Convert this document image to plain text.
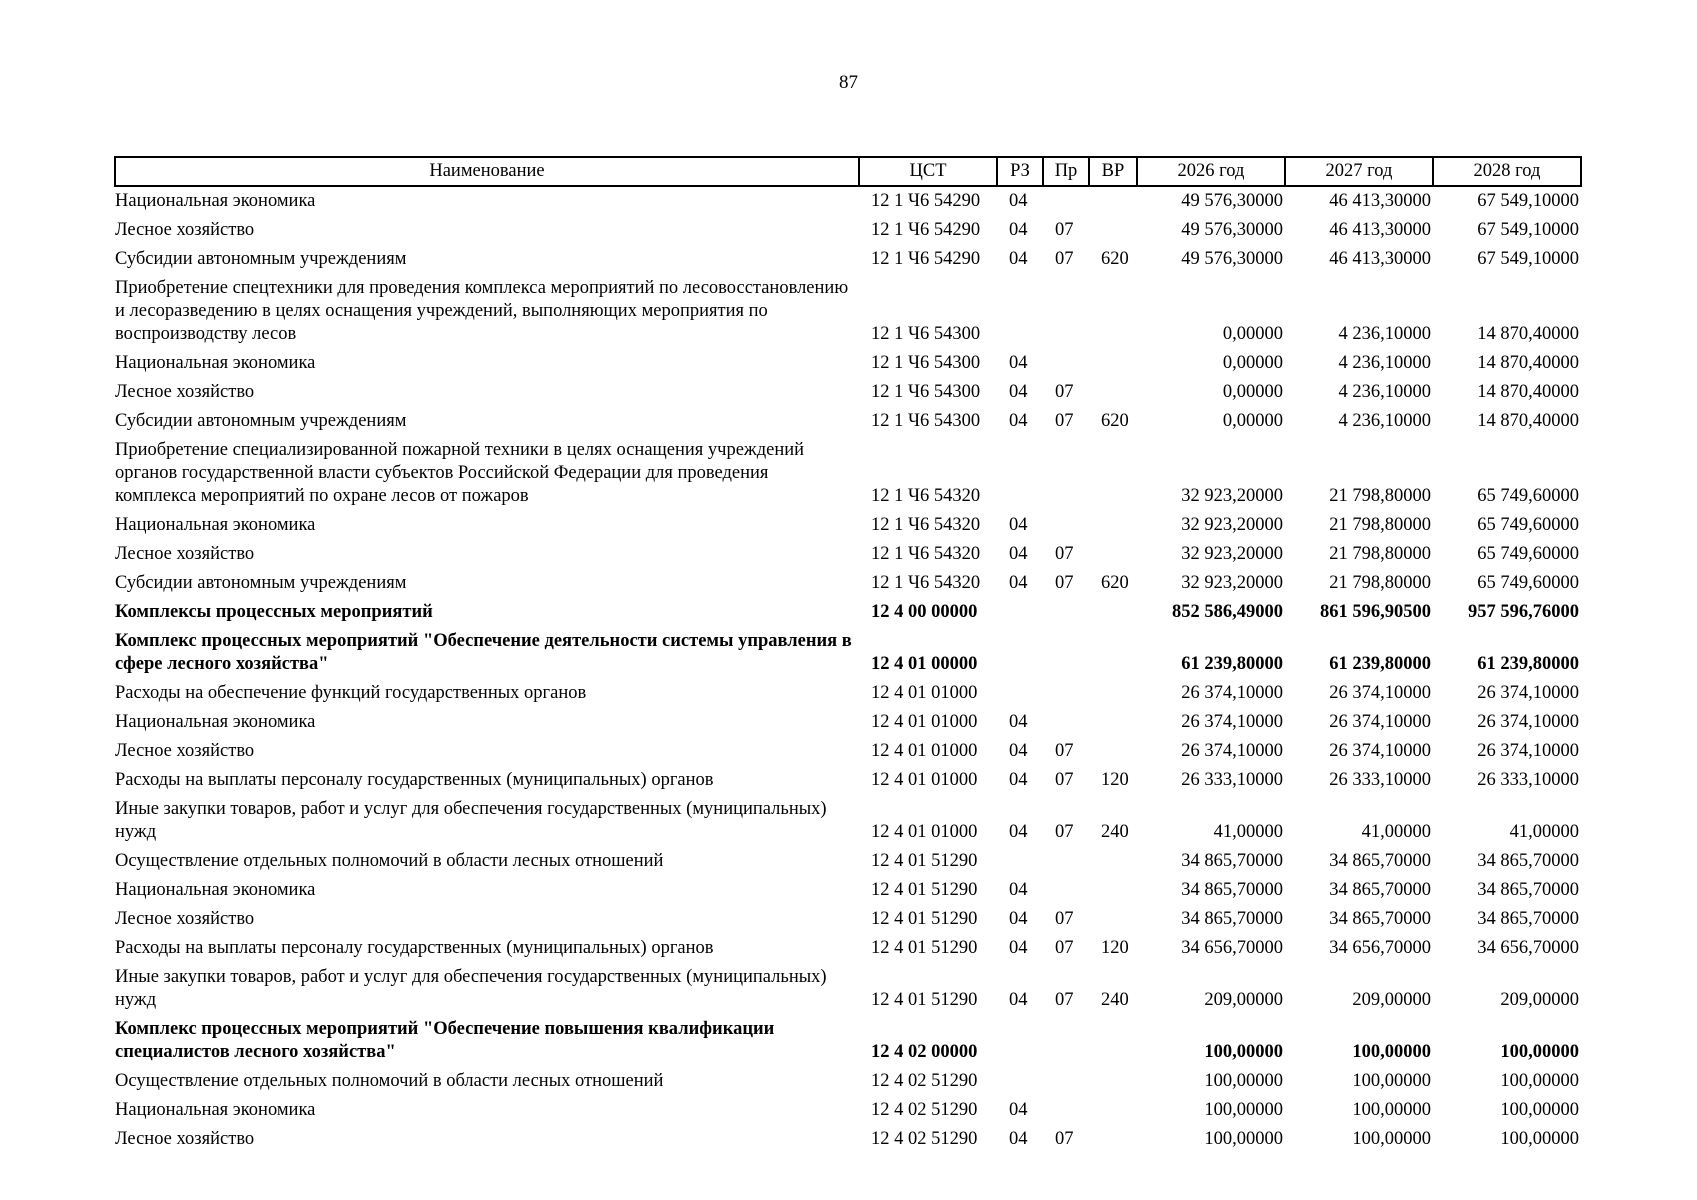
87
Наименование	ЦСТ	РЗ	Пр	ВР	2026 год	2027 год	2028 год
Национальная экономика	12 1 Ч6 54290	04			49 576,30000	46 413,30000	67 549,10000
Лесное хозяйство	12 1 Ч6 54290	04	07		49 576,30000	46 413,30000	67 549,10000
Субсидии автономным учреждениям	12 1 Ч6 54290	04	07	620	49 576,30000	46 413,30000	67 549,10000
Приобретение спецтехники для проведения комплекса мероприятий по лесовосстановлению и лесоразведению в целях оснащения учреждений, выполняющих мероприятия по воспроизводству лесов	12 1 Ч6 54300				0,00000	4 236,10000	14 870,40000
Национальная экономика	12 1 Ч6 54300	04			0,00000	4 236,10000	14 870,40000
Лесное хозяйство	12 1 Ч6 54300	04	07		0,00000	4 236,10000	14 870,40000
Субсидии автономным учреждениям	12 1 Ч6 54300	04	07	620	0,00000	4 236,10000	14 870,40000
Приобретение специализированной пожарной техники в целях оснащения учреждений органов государственной власти субъектов Российской Федерации для проведения комплекса мероприятий по охране лесов от пожаров	12 1 Ч6 54320				32 923,20000	21 798,80000	65 749,60000
Национальная экономика	12 1 Ч6 54320	04			32 923,20000	21 798,80000	65 749,60000
Лесное хозяйство	12 1 Ч6 54320	04	07		32 923,20000	21 798,80000	65 749,60000
Субсидии автономным учреждениям	12 1 Ч6 54320	04	07	620	32 923,20000	21 798,80000	65 749,60000
Комплексы процессных мероприятий	12 4 00 00000				852 586,49000	861 596,90500	957 596,76000
Комплекс процессных мероприятий "Обеспечение деятельности системы управления в сфере лесного хозяйства"	12 4 01 00000				61 239,80000	61 239,80000	61 239,80000
Расходы на обеспечение функций государственных органов	12 4 01 01000				26 374,10000	26 374,10000	26 374,10000
Национальная экономика	12 4 01 01000	04			26 374,10000	26 374,10000	26 374,10000
Лесное хозяйство	12 4 01 01000	04	07		26 374,10000	26 374,10000	26 374,10000
Расходы на выплаты персоналу государственных (муниципальных) органов	12 4 01 01000	04	07	120	26 333,10000	26 333,10000	26 333,10000
Иные закупки товаров, работ и услуг для обеспечения государственных (муниципальных) нужд	12 4 01 01000	04	07	240	41,00000	41,00000	41,00000
Осуществление отдельных полномочий в области лесных отношений	12 4 01 51290				34 865,70000	34 865,70000	34 865,70000
Национальная экономика	12 4 01 51290	04			34 865,70000	34 865,70000	34 865,70000
Лесное хозяйство	12 4 01 51290	04	07		34 865,70000	34 865,70000	34 865,70000
Расходы на выплаты персоналу государственных (муниципальных) органов	12 4 01 51290	04	07	120	34 656,70000	34 656,70000	34 656,70000
Иные закупки товаров, работ и услуг для обеспечения государственных (муниципальных) нужд	12 4 01 51290	04	07	240	209,00000	209,00000	209,00000
Комплекс процессных мероприятий "Обеспечение повышения квалификации специалистов лесного хозяйства"	12 4 02 00000				100,00000	100,00000	100,00000
Осуществление отдельных полномочий в области лесных отношений	12 4 02 51290				100,00000	100,00000	100,00000
Национальная экономика	12 4 02 51290	04			100,00000	100,00000	100,00000
Лесное хозяйство	12 4 02 51290	04	07		100,00000	100,00000	100,00000
